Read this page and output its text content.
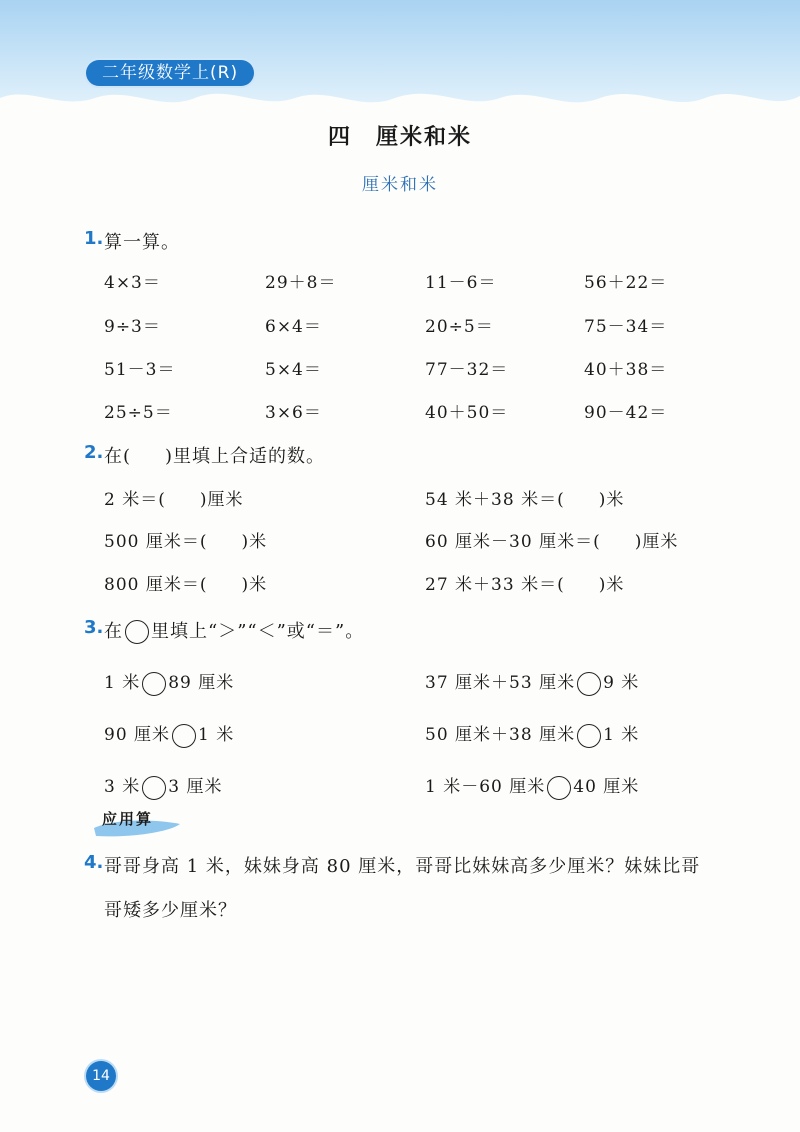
二年级数学上(R)
四　厘米和米
厘米和米
1. 算一算。
4×3＝	29＋8＝	11－6＝	56＋22＝
9÷3＝	6×4＝	20÷5＝	75－34＝
51－3＝	5×4＝	77－32＝	40＋38＝
25÷5＝	3×6＝	40＋50＝	90－42＝
2. 在( )里填上合适的数。
2 米＝( )厘米	54 米＋38 米＝( )米
500 厘米＝( )米	60 厘米－30 厘米＝( )厘米
800 厘米＝( )米	27 米＋33 米＝( )米
3. 在 里填上“＞”“＜”或“＝”。
1 米 89 厘米	37 厘米＋53 厘米 9 米
90 厘米 1 米	50 厘米＋38 厘米 1 米
3 米 3 厘米	1 米－60 厘米 40 厘米
应用算
4. 哥哥身高 1 米，妹妹身高 80 厘米，哥哥比妹妹高多少厘米？妹妹比哥
哥矮多少厘米？
14
